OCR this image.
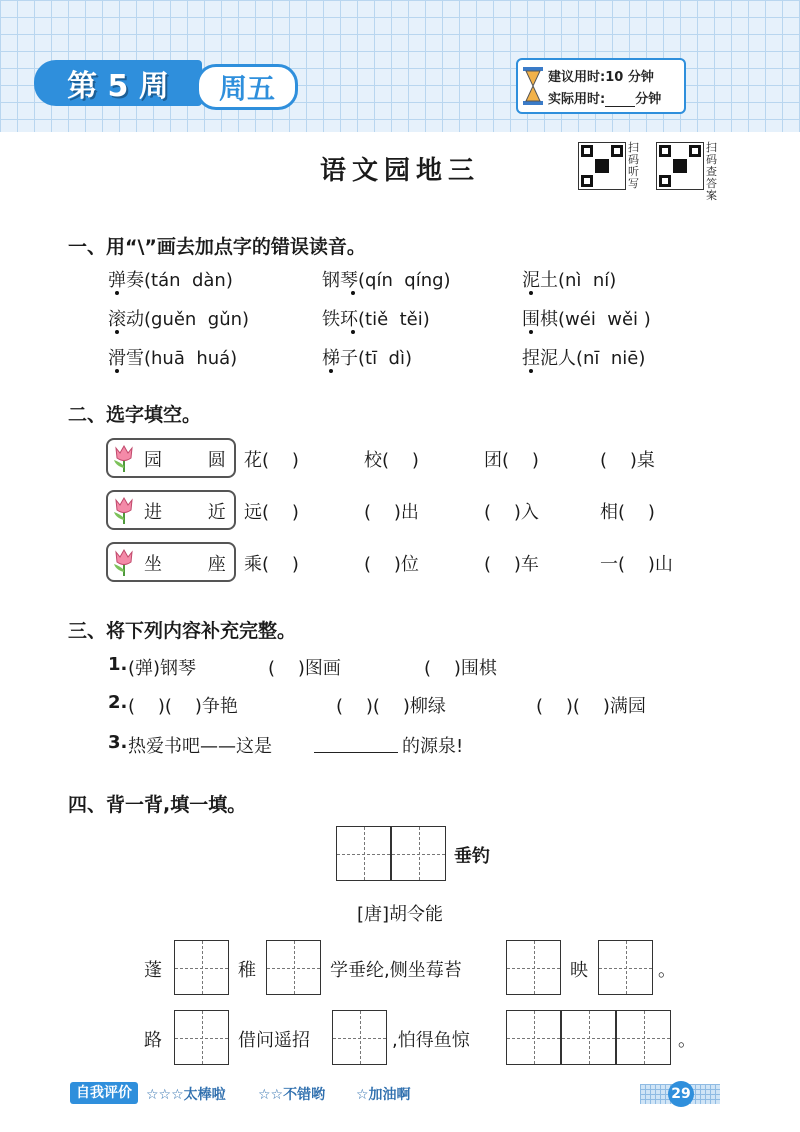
第 5 周	周五	建议用时:10 分钟
实际用时: 分钟
语文园地三
扫码听写
扫码查答案
一、用“\”画去加点字的错误读音。
弹奏(tán  dàn)	钢琴(qín  qíng)	泥土(nì  ní)
滚动(guěn  gǔn)	铁环(tiě  těi)	围棋(wéi  wěi )
滑雪(huā  huá)	梯子(tī  dì)	捏泥人(nī  niē)
二、选字填空。
园 圆
花(    )	校(    )	团(    )	(    )桌
进 近
远(    )	(    )出	(    )入	相(    )
坐 座
乘(    )	(    )位	(    )车	一(    )山
三、将下列内容补充完整。
1. (弹)钢琴	(    )图画	(    )围棋
2. (    )(    )争艳	(    )(    )柳绿	(    )(    )满园
3. 热爱书吧——这是	的源泉!
四、背一背,填一填。
垂钓
[唐]胡令能
蓬	稚	学垂纶,侧坐莓苔	映	。
路	借问遥招	,怕得鱼惊	。
自我评价	☆☆☆太棒啦 ☆☆不错哟 ☆加油啊	29
